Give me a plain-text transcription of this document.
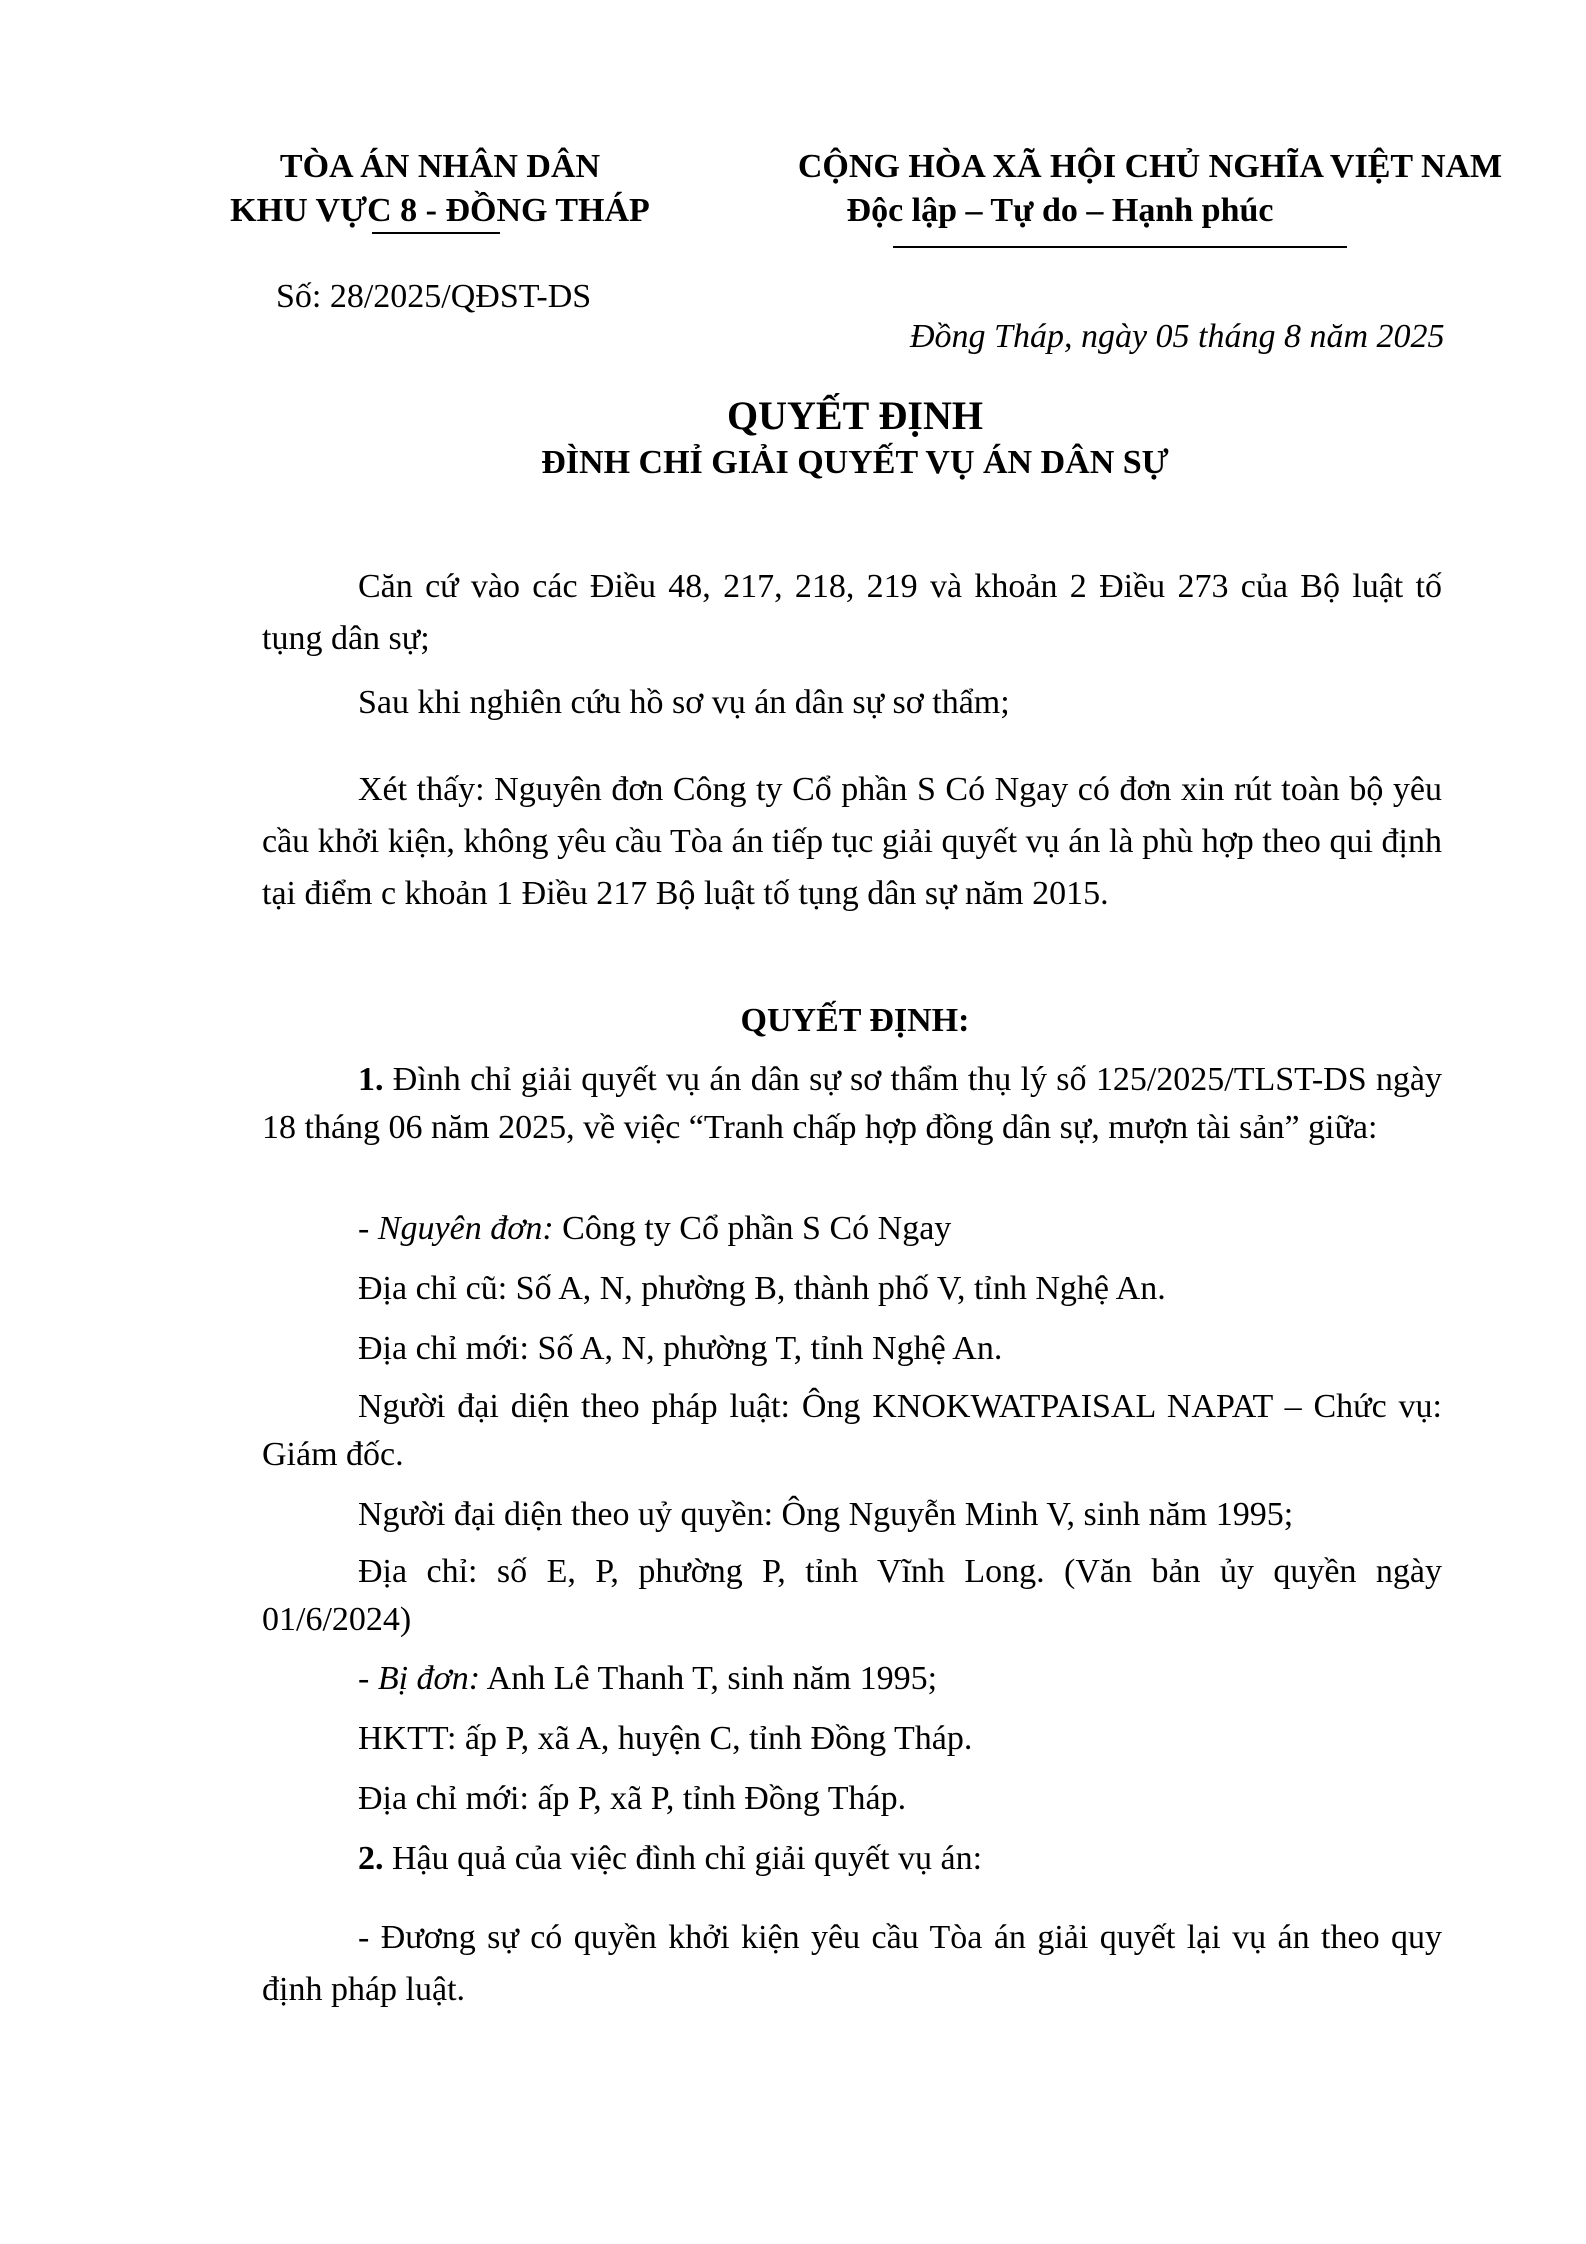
TÒA ÁN NHÂN DÂN
KHU VỰC 8 - ĐỒNG THÁP
Số: 28/2025/QĐST-DS
CỘNG HÒA XÃ HỘI CHỦ NGHĨA VIỆT NAM
Độc lập – Tự do – Hạnh phúc
Đồng Tháp, ngày 05 tháng 8 năm 2025
QUYẾT ĐỊNH
ĐÌNH CHỈ GIẢI QUYẾT VỤ ÁN DÂN SỰ
Căn cứ vào các Điều 48, 217, 218, 219 và khoản 2 Điều 273 của Bộ luật tố tụng dân sự;
Sau khi nghiên cứu hồ sơ vụ án dân sự sơ thẩm;
Xét thấy: Nguyên đơn Công ty Cổ phần S Có Ngay có đơn xin rút toàn bộ yêu cầu khởi kiện, không yêu cầu Tòa án tiếp tục giải quyết vụ án là phù hợp theo qui định tại điểm c khoản 1 Điều 217 Bộ luật tố tụng dân sự năm 2015.
QUYẾT ĐỊNH:
1. Đình chỉ giải quyết vụ án dân sự sơ thẩm thụ lý số 125/2025/TLST-DS ngày 18 tháng 06 năm 2025, về việc “Tranh chấp hợp đồng dân sự, mượn tài sản” giữa:
- Nguyên đơn: Công ty Cổ phần S Có Ngay
Địa chỉ cũ: Số A, N, phường B, thành phố V, tỉnh Nghệ An.
Địa chỉ mới: Số A, N, phường T, tỉnh Nghệ An.
Người đại diện theo pháp luật: Ông KNOKWATPAISAL NAPAT – Chức vụ: Giám đốc.
Người đại diện theo uỷ quyền: Ông Nguyễn Minh V, sinh năm 1995;
Địa chỉ: số E, P, phường P, tỉnh Vĩnh Long. (Văn bản ủy quyền ngày 01/6/2024)
- Bị đơn: Anh Lê Thanh T, sinh năm 1995;
HKTT: ấp P, xã A, huyện C, tỉnh Đồng Tháp.
Địa chỉ mới: ấp P, xã P, tỉnh Đồng Tháp.
2. Hậu quả của việc đình chỉ giải quyết vụ án:
- Đương sự có quyền khởi kiện yêu cầu Tòa án giải quyết lại vụ án theo quy định pháp luật.
